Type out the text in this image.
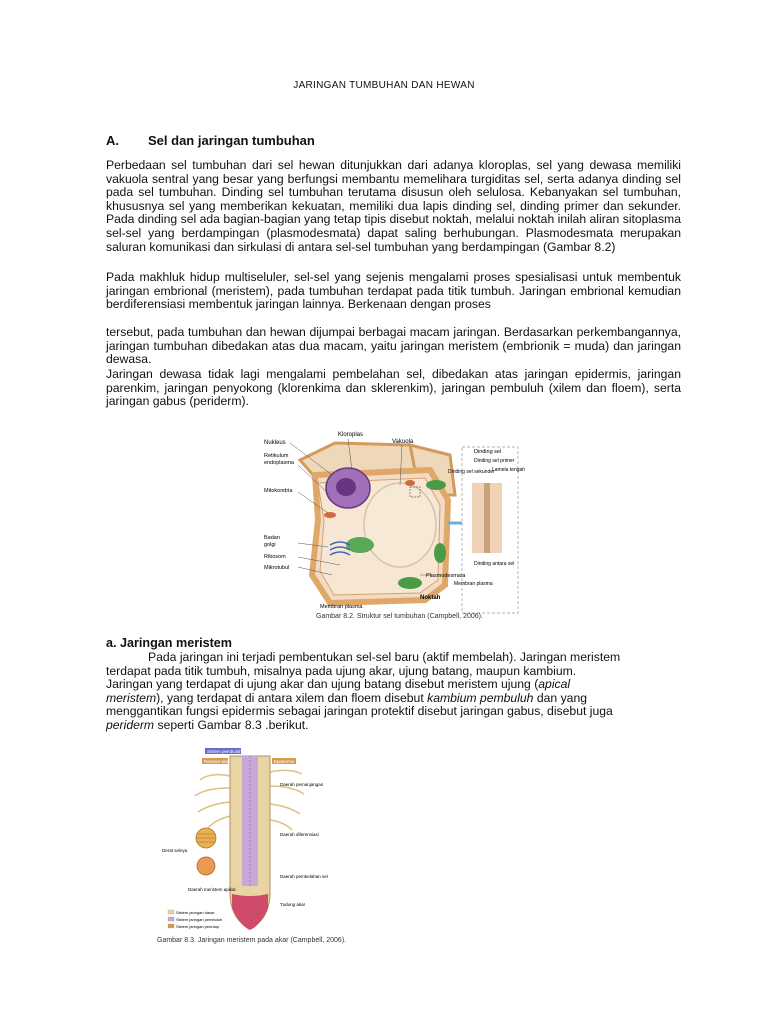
JARINGAN TUMBUHAN DAN HEWAN
A. Sel dan jaringan tumbuhan
Perbedaan sel tumbuhan dari sel hewan ditunjukkan dari adanya kloroplas, sel yang dewasa memiliki vakuola sentral yang besar yang berfungsi membantu memelihara turgiditas sel, serta adanya dinding sel pada sel tumbuhan. Dinding sel tumbuhan terutama disusun oleh selulosa. Kebanyakan sel tumbuhan, khususnya sel yang memberikan kekuatan, memiliki dua lapis dinding sel, dinding primer dan sekunder. Pada dinding sel ada bagian-bagian yang tetap tipis disebut noktah, melalui noktah inilah aliran sitoplasma sel-sel yang berdampingan (plasmodesmata) dapat saling berhubungan. Plasmodesmata merupakan saluran komunikasi dan sirkulasi di antara sel-sel tumbuhan yang berdampingan (Gambar 8.2)
Pada makhluk hidup multiseluler, sel-sel yang sejenis mengalami proses spesialisasi untuk membentuk jaringan embrional (meristem), pada tumbuhan terdapat pada titik tumbuh. Jaringan embrional kemudian berdiferensiasi membentuk jaringan lainnya. Berkenaan dengan proses
tersebut, pada tumbuhan dan hewan dijumpai berbagai macam jaringan. Berdasarkan perkembangannya, jaringan tumbuhan dibedakan atas dua macam, yaitu jaringan meristem (embrionik = muda) dan jaringan dewasa.
Jaringan dewasa tidak lagi mengalami pembelahan sel, dibedakan atas jaringan epidermis, jaringan parenkim, jaringan penyokong (klorenkima dan sklerenkim), jaringan pembuluh (xilem dan floem), serta jaringan gabus (periderm).
Nukleus
Retikulum
endoplasma
Mitokondria
Kloroplas
Vakuola
Badan
golgi
Ribosom
Mikrotubul
Membran plasma
Plasmodesmata
Noktah
Dinding sel
Dinding sel primer
Dinding sel sekunder
Lamela tengah
Dinding antara sel
Membran plasma
Gambar 8.2. Struktur sel tumbuhan (Campbell, 2006).
a. Jaringan meristem
Pada jaringan ini terjadi pembentukan sel-sel baru (aktif membelah). Jaringan meristem
terdapat pada titik tumbuh, misalnya pada ujung akar, ujung batang, maupun kambium.
Jaringan yang terdapat di ujung akar dan ujung batang disebut meristem ujung (apical
meristem), yang terdapat di antara xilem dan floem disebut kambium pembuluh dan yang
menggantikan fungsi epidermis sebagai jaringan protektif disebut jaringan gabus, disebut juga
periderm seperti Gambar 8.3 .berikut.
Sistem pembuluh
Rambut akar	Epidermis
Daerah pemanjangan
Daerah diferensiasi
Daerah pembelahan sel
Tudung akar
Derat selnya
Daerah meristem apikal
Sistem jaringan dasar
Sistem jaringan pembuluh
Sistem jaringan penutup
Gambar 8.3. Jaringan meristem pada akar (Campbell, 2006).
